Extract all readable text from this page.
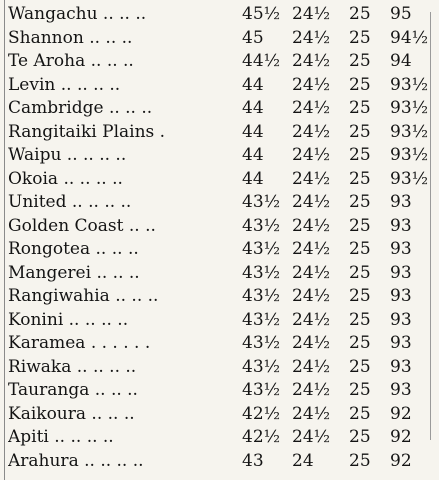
Wangachu .. .. ..	45½ 24½	25	95
Shannon .. .. ..	45	24½	25	94½
Te Aroha .. .. ..	44½ 24½	25	94
Levin .. .. .. ..	44	24½	25	93½
Cambridge .. .. ..	44	24½	25	93½
Rangitaiki Plains .	44	24½	25	93½
Waipu .. .. .. ..	44	24½	25	93½
Okoia .. .. .. ..	44	24½	25	93½
United .. .. .. ..	43½ 24½	25	93
Golden Coast .. ..	43½ 24½	25	93
Rongotea .. .. ..	43½ 24½	25	93
Mangerei .. .. ..	43½ 24½	25	93
Rangiwahia .. .. ..	43½ 24½	25	93
Konini .. .. .. ..	43½ 24½	25	93
Karamea . . . . . .	43½ 24½	25	93
Riwaka .. .. .. ..	43½ 24½	25	93
Tauranga .. .. ..	43½ 24½	25	93
Kaikoura .. .. ..	42½ 24½	25	92
Apiti .. .. .. ..	42½ 24½	25	92
Arahura .. .. .. ..	43	24	25	92
